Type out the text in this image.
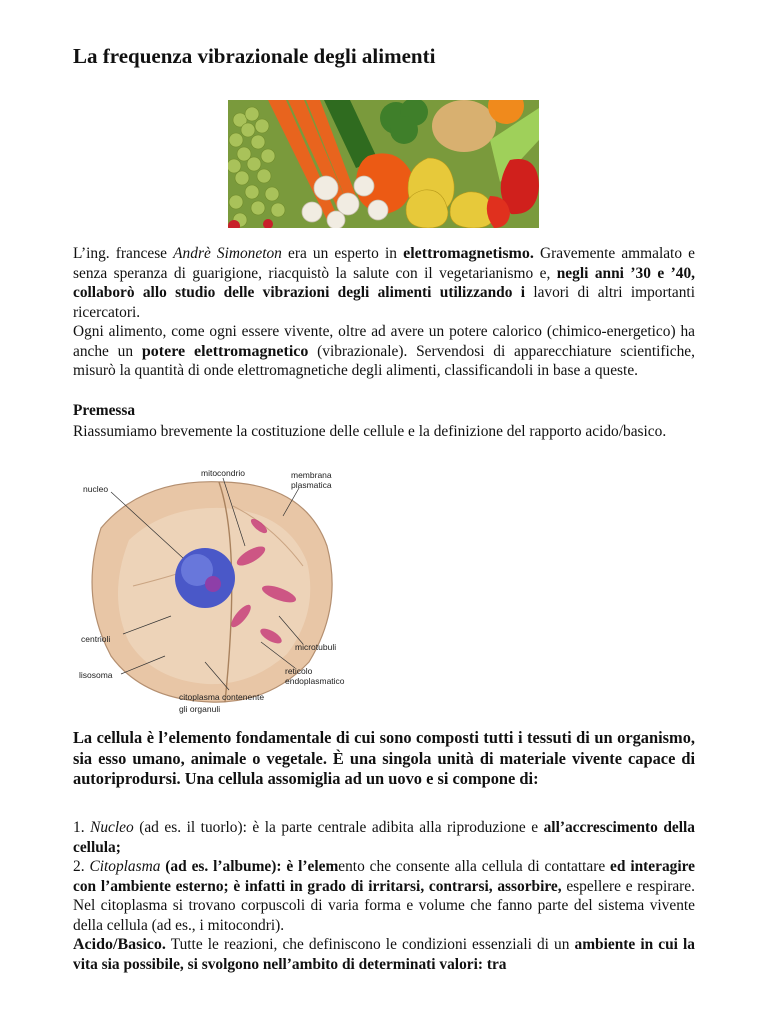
La frequenza vibrazionale degli alimenti

L’ing. francese Andrè Simoneton era un esperto in elettromagnetismo. Gravemente ammalato e senza speranza di guarigione, riacquistò la salute con il vegetarianismo e, negli anni ’30 e ’40, collaborò allo studio delle vibrazioni degli alimenti utilizzando i lavori di altri importanti ricercatori.

Ogni alimento, come ogni essere vivente, oltre ad avere un potere calorico (chimico-energetico) ha anche un potere elettromagnetico (vibrazionale). Servendosi di apparecchiature scientifiche, misurò la quantità di onde elettromagnetiche degli alimenti, classificandoli in base a queste.

Premessa

Riassumiamo brevemente la costituzione delle cellule e la definizione del rapporto acido/basico.

nucleo
mitocondrio	membrana
plasmatica
centrioli
lisosoma
microtubuli
reticolo
endoplasmatico
citoplasma contenente
gli organuli

La cellula è l’elemento fondamentale di cui sono composti tutti i tessuti di un organismo, sia esso umano, animale o vegetale. È una singola unità di materiale vivente capace di autoriprodursi. Una cellula assomiglia ad un uovo e si compone di:

1. Nucleo (ad es. il tuorlo): è la parte centrale adibita alla riproduzione e all’accrescimento della cellula;

2. Citoplasma (ad es. l’albume): è l’elemento che consente alla cellula di contattare ed interagire con l’ambiente esterno; è infatti in grado di irritarsi, contrarsi, assorbire, espellere e respirare. Nel citoplasma si trovano corpuscoli di varia forma e volume che fanno parte del sistema vivente della cellula (ad es., i mitocondri).

Acido/Basico. Tutte le reazioni, che definiscono le condizioni essenziali di un ambiente in cui la vita sia possibile, si svolgono nell’ambito di determinati valori: tra
